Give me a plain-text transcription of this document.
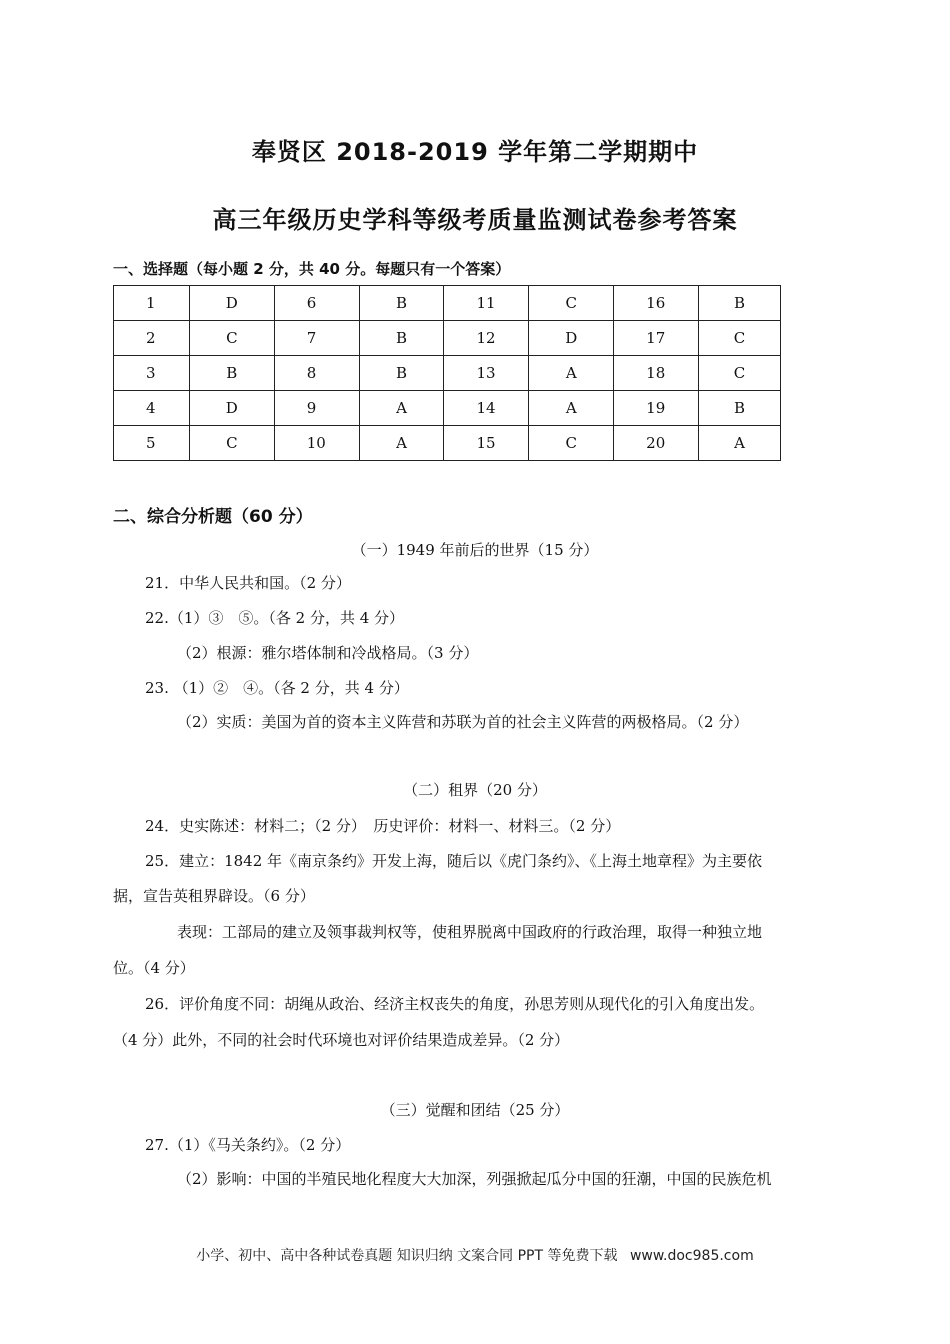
奉贤区 2018-2019 学年第二学期期中
高三年级历史学科等级考质量监测试卷参考答案
一、选择题（每小题 2 分，共 40 分。每题只有一个答案）
1	D	6	B	11	C	16	B
2	C	7	B	12	D	17	C
3	B	8	B	13	A	18	C
4	D	9	A	14	A	19	B
5	C	10	A	15	C	20	A
二、综合分析题（60 分）
（一）1949 年前后的世界（15 分）
21．中华人民共和国。（2 分）
22.（1）③　⑤。（各 2 分，共 4 分）
（2）根源：雅尔塔体制和冷战格局。（3 分）
23. （1）②　④。（各 2 分，共 4 分）
（2）实质：美国为首的资本主义阵营和苏联为首的社会主义阵营的两极格局。（2 分）
（二）租界（20 分）
24．史实陈述：材料二；（2 分）　历史评价：材料一、材料三。（2 分）
25．建立：1842 年《南京条约》开发上海，随后以《虎门条约》、《上海土地章程》为主要依
据，宣告英租界辟设。（6 分）
表现：工部局的建立及领事裁判权等，使租界脱离中国政府的行政治理，取得一种独立地
位。（4 分）
26．评价角度不同：胡绳从政治、经济主权丧失的角度，孙思芳则从现代化的引入角度出发。
（4 分）此外，不同的社会时代环境也对评价结果造成差异。（2 分）
（三）觉醒和团结（25 分）
27.（1）《马关条约》。（2 分）
（2）影响：中国的半殖民地化程度大大加深，列强掀起瓜分中国的狂潮，中国的民族危机
小学、初中、高中各种试卷真题 知识归纳 文案合同 PPT 等免费下载 www.doc985.com
